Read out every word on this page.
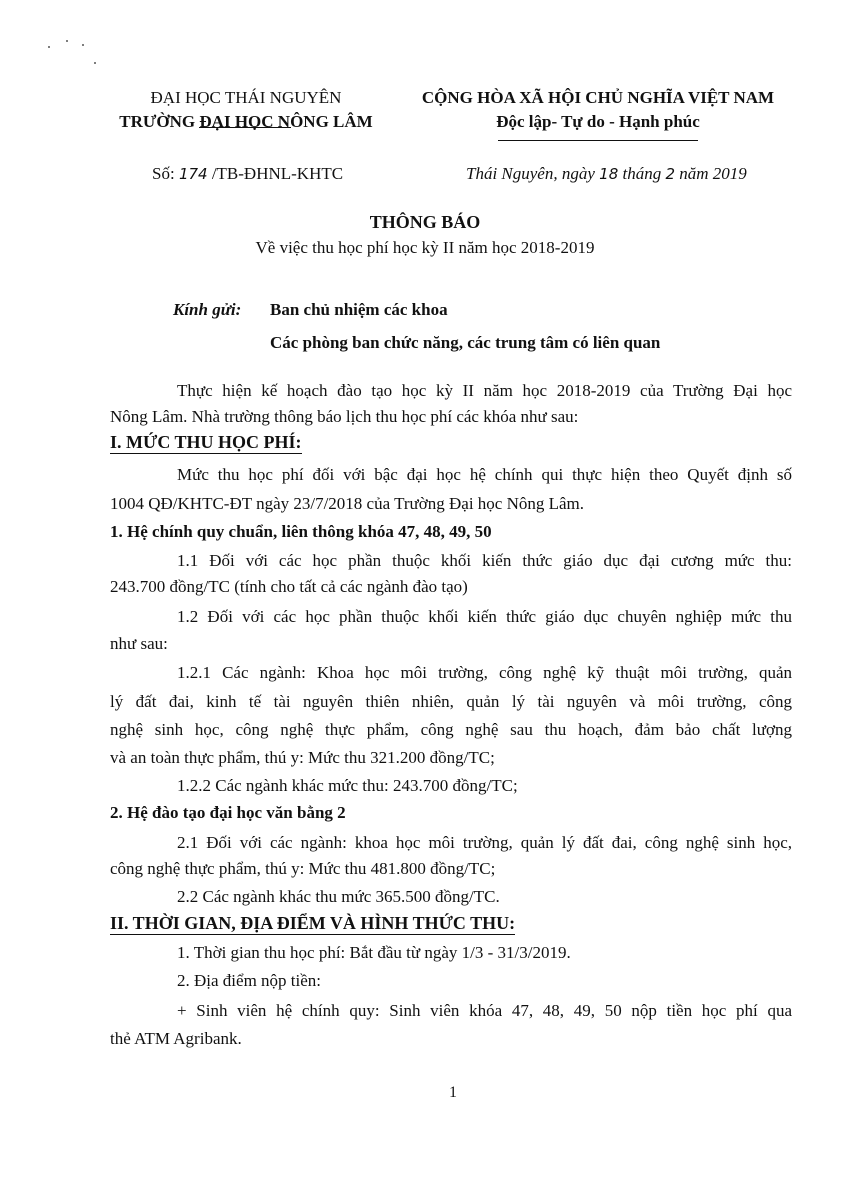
ĐẠI HỌC THÁI NGUYÊN
TRƯỜNG ĐẠI HỌC NÔNG LÂM
CỘNG HÒA XÃ HỘI CHỦ NGHĨA VIỆT NAM
Độc lập- Tự do - Hạnh phúc
Số: 174 /TB-ĐHNL-KHTC	Thái Nguyên, ngày 18 tháng 2 năm 2019
THÔNG BÁO
Về việc thu học phí học kỳ II năm học 2018-2019
Kính gửi: Ban chủ nhiệm các khoa
Các phòng ban chức năng, các trung tâm có liên quan
Thực hiện kế hoạch đào tạo học kỳ II năm học 2018-2019 của Trường Đại học
Nông Lâm. Nhà trường thông báo lịch thu học phí các khóa như sau:
I. MỨC THU HỌC PHÍ:
Mức thu học phí đối với bậc đại học hệ chính qui thực hiện theo Quyết định số
1004 QĐ/KHTC-ĐT ngày 23/7/2018 của Trường Đại học Nông Lâm.
1. Hệ chính quy chuẩn, liên thông khóa 47, 48, 49, 50
1.1 Đối với các học phần thuộc khối kiến thức giáo dục đại cương mức thu:
243.700 đồng/TC (tính cho tất cả các ngành đào tạo)
1.2 Đối với các học phần thuộc khối kiến thức giáo dục chuyên nghiệp mức thu
như sau:
1.2.1 Các ngành: Khoa học môi trường, công nghệ kỹ thuật môi trường, quản
lý đất đai, kinh tế tài nguyên thiên nhiên, quản lý tài nguyên và môi trường, công
nghệ sinh học, công nghệ thực phẩm, công nghệ sau thu hoạch, đảm bảo chất lượng
và an toàn thực phẩm, thú y: Mức thu 321.200 đồng/TC;
1.2.2 Các ngành khác mức thu: 243.700 đồng/TC;
2. Hệ đào tạo đại học văn bằng 2
2.1 Đối với các ngành: khoa học môi trường, quản lý đất đai, công nghệ sinh học,
công nghệ thực phẩm, thú y: Mức thu 481.800 đồng/TC;
2.2 Các ngành khác thu mức 365.500 đồng/TC.
II. THỜI GIAN, ĐỊA ĐIỂM VÀ HÌNH THỨC THU:
1. Thời gian thu học phí: Bắt đầu từ ngày 1/3 - 31/3/2019.
2. Địa điểm nộp tiền:
+ Sinh viên hệ chính quy: Sinh viên khóa 47, 48, 49, 50 nộp tiền học phí qua
thẻ ATM Agribank.
1
